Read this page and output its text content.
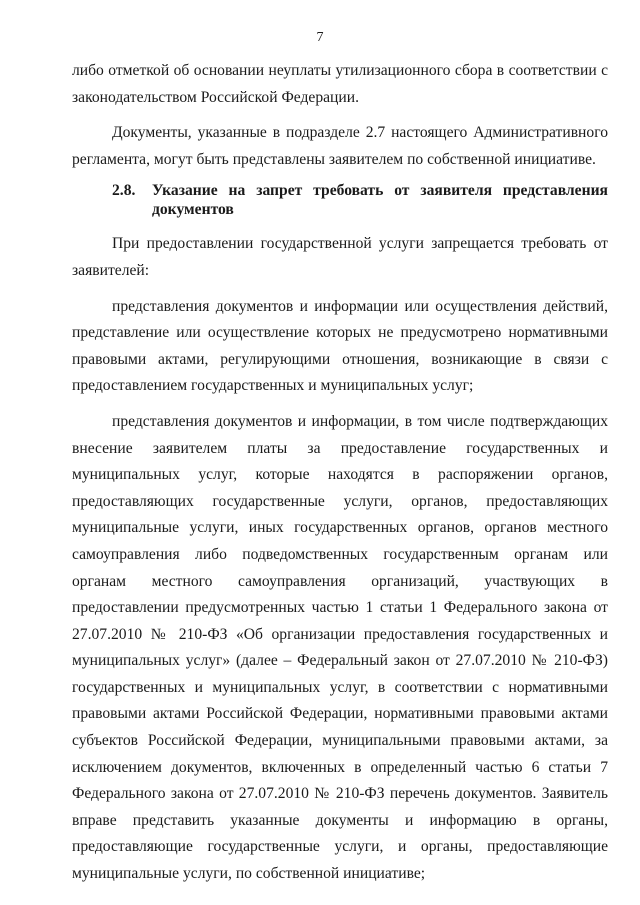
7

либо отметкой об основании неуплаты утилизационного сбора в соответствии с законодательством Российской Федерации.

Документы, указанные в подразделе 2.7 настоящего Административного регламента, могут быть представлены заявителем по собственной инициативе.

2.8.	Указание на запрет требовать от заявителя представления документов

При предоставлении государственной услуги запрещается требовать от заявителей:

представления документов и информации или осуществления действий, представление или осуществление которых не предусмотрено нормативными правовыми актами, регулирующими отношения, возникающие в связи с предоставлением государственных и муниципальных услуг;

представления документов и информации, в том числе подтверждающих внесение заявителем платы за предоставление государственных и муниципальных услуг, которые находятся в распоряжении органов, предоставляющих государственные услуги, органов, предоставляющих муниципальные услуги, иных государственных органов, органов местного самоуправления либо подведомственных государственным органам или органам местного самоуправления организаций, участвующих в предоставлении предусмотренных частью 1 статьи 1 Федерального закона от 27.07.2010 № 210-ФЗ «Об организации предоставления государственных и муниципальных услуг» (далее – Федеральный закон от 27.07.2010 № 210-ФЗ) государственных и муниципальных услуг, в соответствии с нормативными правовыми актами Российской Федерации, нормативными правовыми актами субъектов Российской Федерации, муниципальными правовыми актами, за исключением документов, включенных в определенный частью 6 статьи 7 Федерального закона от 27.07.2010 № 210-ФЗ перечень документов. Заявитель вправе представить указанные документы и информацию в органы, предоставляющие государственные услуги, и органы, предоставляющие муниципальные услуги, по собственной инициативе;
